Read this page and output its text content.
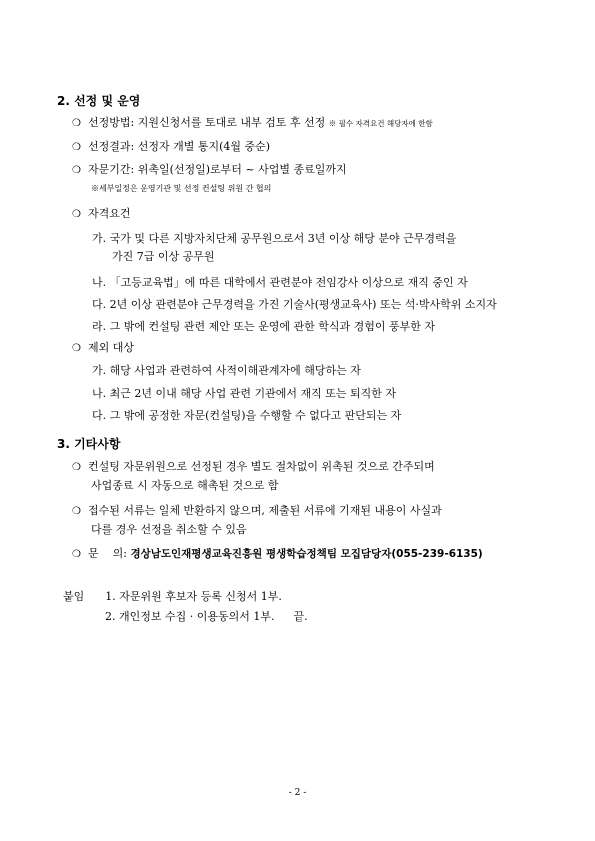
2. 선정 및 운영
❍ 선정방법: 지원신청서를 토대로 내부 검토 후 선정 ※ 필수 자격요건 해당자에 한함
❍ 선정결과: 선정자 개별 통지(4월 중순)
❍ 자문기간: 위촉일(선정일)로부터 ~ 사업별 종료일까지
※세부일정은 운영기관 및 선정 컨설팅 위원 간 협의
❍ 자격요건
가. 국가 및 다른 지방자치단체 공무원으로서 3년 이상 해당 분야 근무경력을
가진 7급 이상 공무원
나. 「고등교육법」에 따른 대학에서 관련분야 전임강사 이상으로 재직 중인 자
다. 2년 이상 관련분야 근무경력을 가진 기술사(평생교육사) 또는 석·박사학위 소지자
라. 그 밖에 컨설팅 관련 제안 또는 운영에 관한 학식과 경험이 풍부한 자
❍ 제외 대상
가. 해당 사업과 관련하여 사적이해관계자에 해당하는 자
나. 최근 2년 이내 해당 사업 관련 기관에서 재직 또는 퇴직한 자
다. 그 밖에 공정한 자문(컨설팅)을 수행할 수 없다고 판단되는 자
3. 기타사항
❍ 컨설팅 자문위원으로 선정된 경우 별도 절차없이 위촉된 것으로 간주되며
사업종료 시 자동으로 해촉된 것으로 함
❍ 접수된 서류는 일체 반환하지 않으며, 제출된 서류에 기재된 내용이 사실과
다를 경우 선정을 취소할 수 있음
❍ 문    의: 경상남도인재평생교육진흥원 평생학습정책팀 모집담당자(055-239-6135)
붙임 1. 자문위원 후보자 등록 신청서 1부.
2. 개인정보 수집 · 이용동의서 1부. 끝.
- 2 -
